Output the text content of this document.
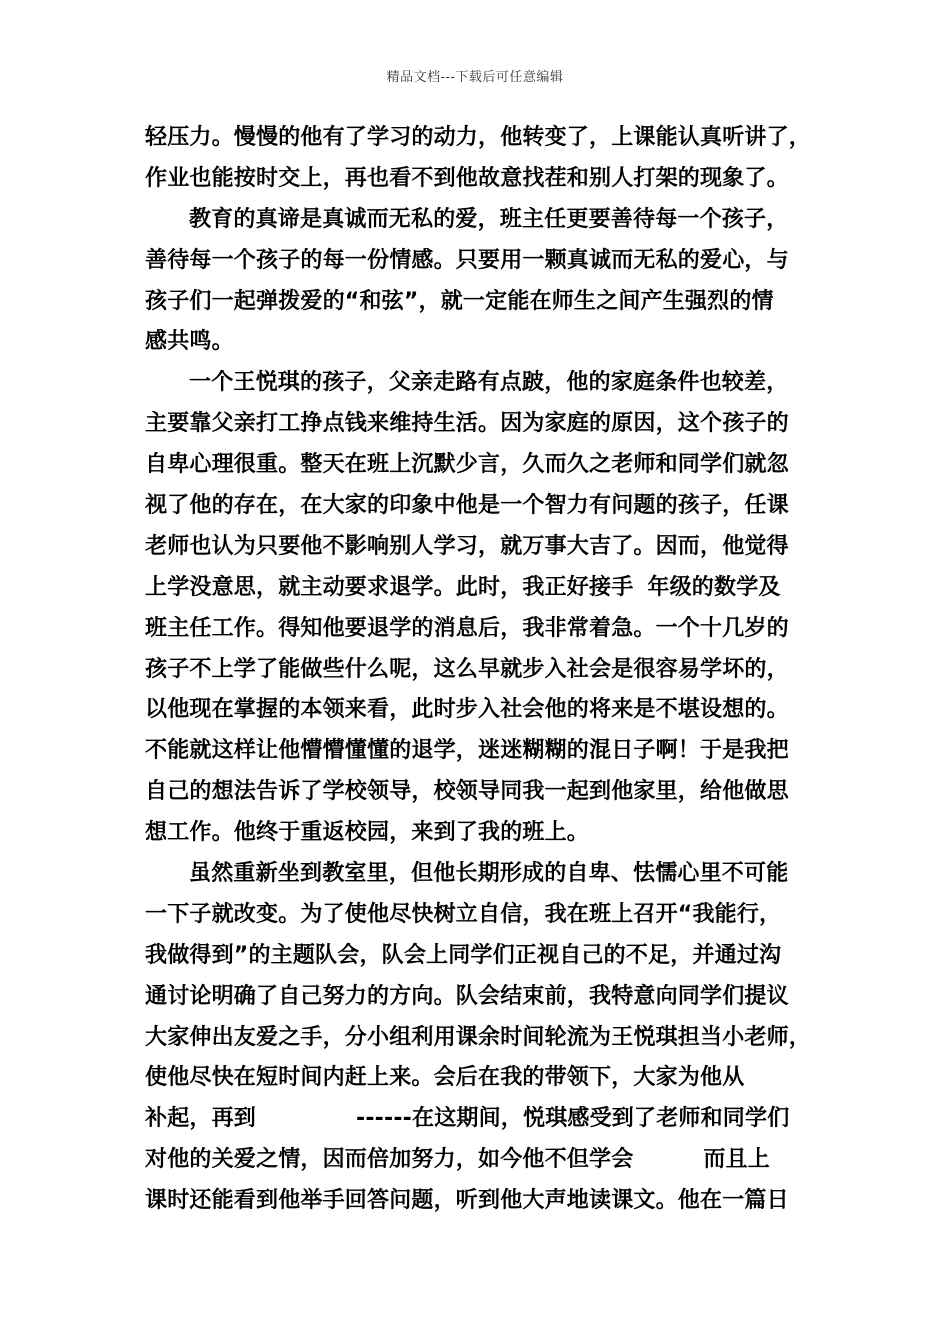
精品文档---下载后可任意编辑
轻压力。慢慢的他有了学习的动力，他转变了，上课能认真听讲了，
作业也能按时交上，再也看不到他故意找茬和别人打架的现象了。
教育的真谛是真诚而无私的爱，班主任更要善待每一个孩子，
善待每一个孩子的每一份情感。只要用一颗真诚而无私的爱心，与
孩子们一起弹拨爱的“和弦”，就一定能在师生之间产生强烈的情
感共鸣。
一个王悦琪的孩子，父亲走路有点跛，他的家庭条件也较差，
主要靠父亲打工挣点钱来维持生活。因为家庭的原因，这个孩子的
自卑心理很重。整天在班上沉默少言，久而久之老师和同学们就忽
视了他的存在，在大家的印象中他是一个智力有问题的孩子，任课
老师也认为只要他不影响别人学习，就万事大吉了。因而，他觉得
上学没意思，就主动要求退学。此时，我正好接手 年级的数学及
班主任工作。得知他要退学的消息后，我非常着急。一个十几岁的
孩子不上学了能做些什么呢，这么早就步入社会是很容易学坏的，
以他现在掌握的本领来看，此时步入社会他的将来是不堪设想的。
不能就这样让他懵懵懂懂的退学，迷迷糊糊的混日子啊！于是我把
自己的想法告诉了学校领导，校领导同我一起到他家里，给他做思
想工作。他终于重返校园，来到了我的班上。
虽然重新坐到教室里，但他长期形成的自卑、怯懦心里不可能
一下子就改变。为了使他尽快树立自信，我在班上召开“我能行，
我做得到”的主题队会，队会上同学们正视自己的不足，并通过沟
通讨论明确了自己努力的方向。队会结束前，我特意向同学们提议
大家伸出友爱之手，分小组利用课余时间轮流为王悦琪担当小老师，
使他尽快在短时间内赶上来。会后在我的带领下，大家为他从
补起，再到	------在这期间，悦琪感受到了老师和同学们
对他的关爱之情，因而倍加努力，如今他不但学会	而且上
课时还能看到他举手回答问题，听到他大声地读课文。他在一篇日
